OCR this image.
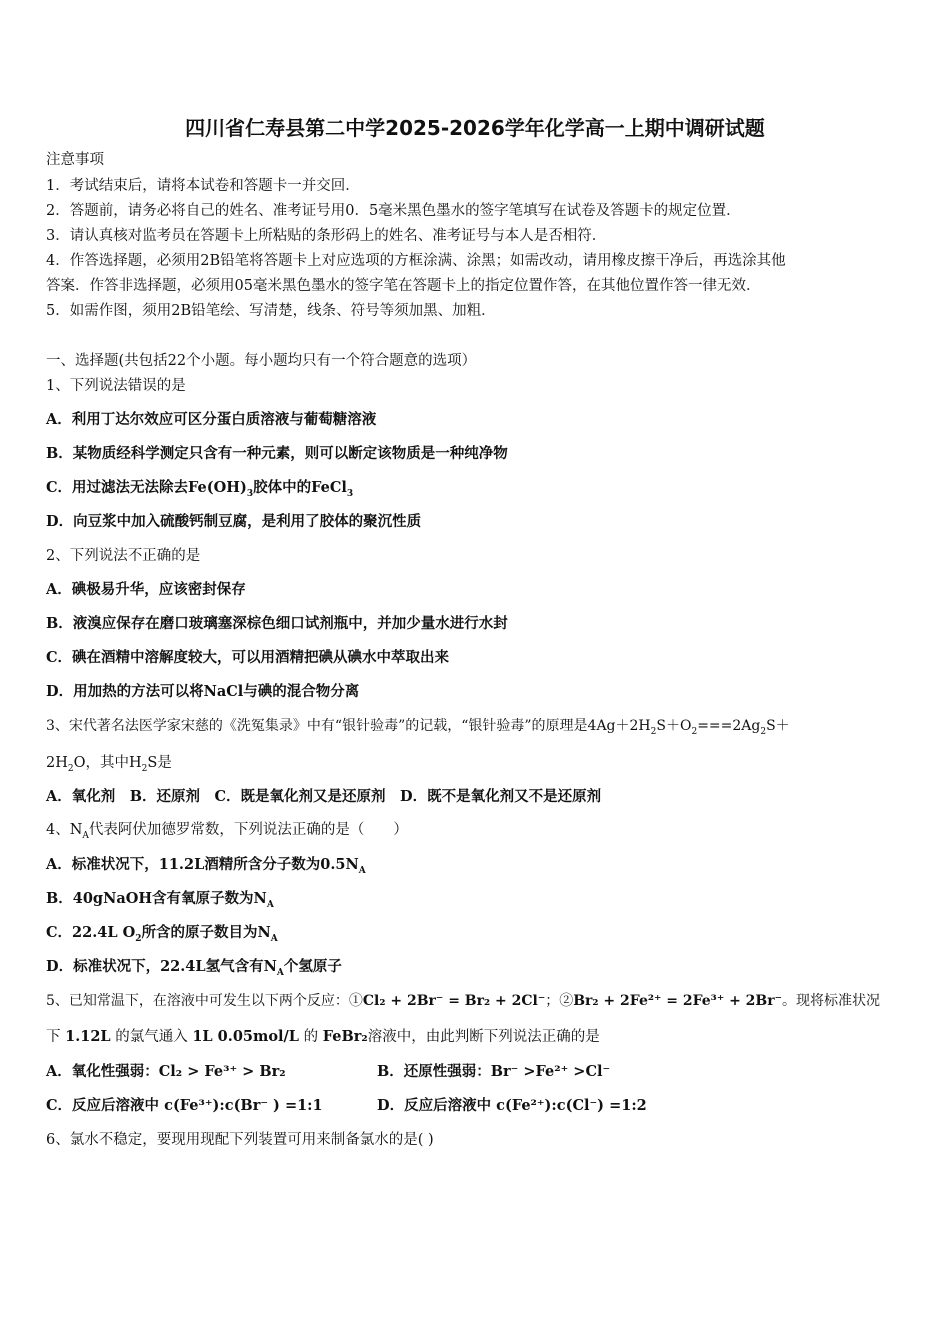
四川省仁寿县第二中学2025-2026学年化学高一上期中调研试题
注意事项
1．考试结束后，请将本试卷和答题卡一并交回．
2．答题前，请务必将自己的姓名、准考证号用0．5毫米黑色墨水的签字笔填写在试卷及答题卡的规定位置．
3．请认真核对监考员在答题卡上所粘贴的条形码上的姓名、准考证号与本人是否相符．
4．作答选择题，必须用2B铅笔将答题卡上对应选项的方框涂满、涂黑；如需改动，请用橡皮擦干净后，再选涂其他
答案．作答非选择题，必须用05毫米黑色墨水的签字笔在答题卡上的指定位置作答，在其他位置作答一律无效．
5．如需作图，须用2B铅笔绘、写清楚，线条、符号等须加黑、加粗．
一、选择题(共包括22个小题。每小题均只有一个符合题意的选项）
1、下列说法错误的是
A．利用丁达尔效应可区分蛋白质溶液与葡萄糖溶液
B．某物质经科学测定只含有一种元素，则可以断定该物质是一种纯净物
C．用过滤法无法除去$Fe(OH)_3$胶体中的FeCl$_3$
D．向豆浆中加入硫酸钙制豆腐，是利用了胶体的聚沉性质
2、下列说法不正确的是
A．碘极易升华，应该密封保存
B．液溴应保存在磨口玻璃塞深棕色细口试剂瓶中，并加少量水进行水封
C．碘在酒精中溶解度较大，可以用酒精把碘从碘水中萃取出来
D．用加热的方法可以将NaCl与碘的混合物分离
3、宋代著名法医学家宋慈的《洗冤集录》中有“银针验毒”的记载，“银针验毒”的原理是$4Ag+2H_2S+O_2===2Ag_2S+$
$2H_2O$，其中$H_2S$是
A．氧化剂　B．还原剂　C．既是氧化剂又是还原剂　D．既不是氧化剂又不是还原剂
4、$N_A$代表阿伏加德罗常数，下列说法正确的是（　　）
A．标准状况下，11.2L酒精所含分子数为$0.5N_A$
B．40gNaOH含有氧原子数为$N_A$
C．22.4L $O_2$所含的原子数目为$N_A$
D．标准状况下，22.4L氢气含有$N_A$个氢原子
5、已知常温下，在溶液中可发生以下两个反应：①Cl₂ + 2Br⁻ = Br₂ + 2Cl⁻；②Br₂ + 2Fe²⁺ = 2Fe³⁺ + 2Br⁻。现将标准状况
下 1.12L 的氯气通入 1L 0.05mol/L 的 FeBr₂溶液中，由此判断下列说法正确的是
A．氧化性强弱：Cl₂ > Fe³⁺ > Br₂	B．还原性强弱：Br⁻ >Fe²⁺ >Cl⁻
C．反应后溶液中 c(Fe³⁺):c(Br⁻ ) =1:1	D．反应后溶液中 c(Fe²⁺):c(Cl⁻) =1:2
6、氯水不稳定，要现用现配下列装置可用来制备氯水的是( )
